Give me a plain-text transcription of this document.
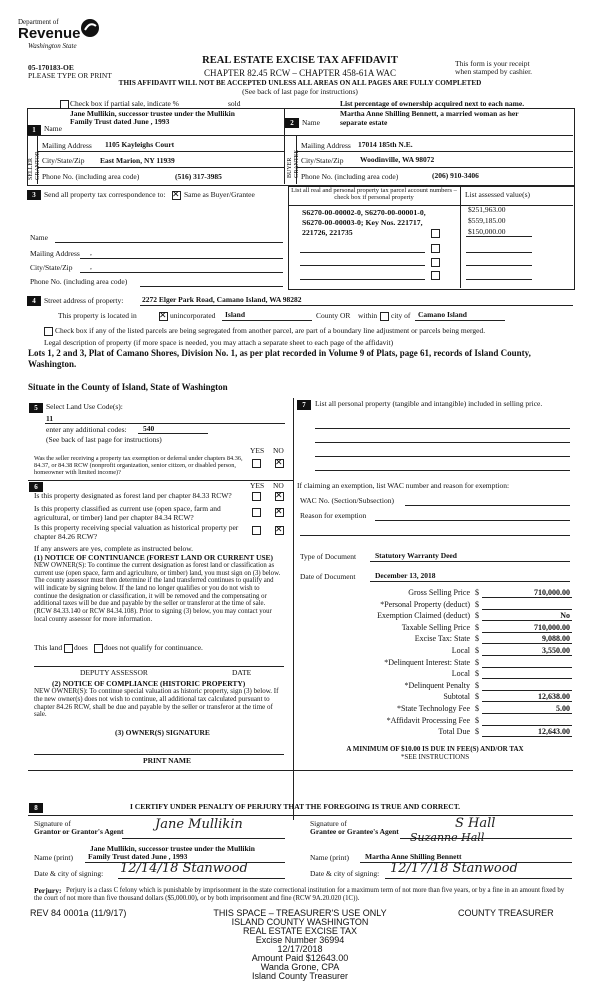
Department of
Revenue
Washington State
05-170183-OE
PLEASE TYPE OR PRINT
REAL ESTATE EXCISE TAX AFFIDAVIT
CHAPTER 82.45 RCW – CHAPTER 458-61A WAC
THIS AFFIDAVIT WILL NOT BE ACCEPTED UNLESS ALL AREAS ON ALL PAGES ARE FULLY COMPLETED
(See back of last page for instructions)
This form is your receipt
when stamped by cashier.
Check box if partial sale, indicate %	sold	List percentage of ownership acquired next to each name.
1	Name
Jane Mullikin, successor trustee under the Mullikin
Family Trust dated June , 1993
SELLER GRANTOR
Mailing Address 1105 Kayleighs Court
City/State/Zip East Marion, NY 11939
Phone No. (including area code)	(516) 317-3985
2	Name
Martha Anne Shilling Bennett, a married woman as her
separate estate
BUYER GRANTEE
Mailing Address 17014 185th N.E.
City/State/Zip Woodinville, WA 98072
Phone No. (including area code)	(206) 910-3406
3	Send all property tax correspondence to: ✕ Same as Buyer/Grantee
Name
Mailing Address ,
City/State/Zip ,
Phone No. (including area code)
List all real and personal property tax parcel account numbers – check box if personal property	List assessed value(s)
S6270-00-00002-0, S6270-00-00001-0, S6270-00-00003-0; Key Nos. 221717, 221726, 221735
$251,963.00
$559,185.00
$150,000.00
4	Street address of property: 2272 Elger Park Road, Camano Island, WA 98282
This property is located in ✕	unincorporated Island	County OR within city of Camano Island
Check box if any of the listed parcels are being segregated from another parcel, are part of a boundary line adjustment or parcels being merged.
Legal description of property (if more space is needed, you may attach a separate sheet to each page of the affidavit)
Lots 1, 2 and 3, Plat of Camano Shores, Division No. 1, as per plat recorded in Volume 9 of Plats, page 61, records of Island County, Washington.
Situate in the County of Island, State of Washington
5	Select Land Use Code(s):
11
enter any additional codes: 540
(See back of last page for instructions)
YES NO
Was the seller receiving a property tax exemption or deferral under chapters 84.36, 84.37, or 84.38 RCW (nonprofit organization, senior citizen, or disabled person, homeowner with limited income)?
✕
6	YES NO
Is this property designated as forest land per chapter 84.33 RCW?
✕
Is this property classified as current use (open space, farm and agricultural, or timber) land per chapter 84.34 RCW?
✕
Is this property receiving special valuation as historical property per chapter 84.26 RCW?
✕
If any answers are yes, complete as instructed below.
(1) NOTICE OF CONTINUANCE (FOREST LAND OR CURRENT USE)
NEW OWNER(S): To continue the current designation as forest land or classification as current use (open space, farm and agriculture, or timber) land, you must sign on (3) below. The county assessor must then determine if the land transferred continues to qualify and will indicate by signing below. If the land no longer qualifies or you do not wish to continue the designation or classification, it will be removed and the compensating or additional taxes will be due and payable by the seller or transferor at the time of sale. (RCW 84.33.140 or RCW 84.34.108). Prior to signing (3) below, you may contact your local county assessor for more information.
This land does does not qualify for continuance.
DEPUTY ASSESSOR	DATE
(2) NOTICE OF COMPLIANCE (HISTORIC PROPERTY)
NEW OWNER(S): To continue special valuation as historic property, sign (3) below. If the new owner(s) does not wish to continue, all additional tax calculated pursuant to chapter 84.26 RCW, shall be due and payable by the seller or transferor at the time of sale.
(3) OWNER(S) SIGNATURE
PRINT NAME
7	List all personal property (tangible and intangible) included in selling price.
If claiming an exemption, list WAC number and reason for exemption:
WAC No. (Section/Subsection)
Reason for exemption
Type of Document	Statutory Warranty Deed
Date of Document	December 13, 2018
Gross Selling Price $	710,000.00
*Personal Property (deduct) $
Exemption Claimed (deduct) $	No
Taxable Selling Price $	710,000.00
Excise Tax: State $	9,088.00
Local $	3,550.00
*Delinquent Interest: State $
Local $
*Delinquent Penalty $
Subtotal $	12,638.00
*State Technology Fee $	5.00
*Affidavit Processing Fee $
Total Due $	12,643.00
A MINIMUM OF $10.00 IS DUE IN FEE(S) AND/OR TAX
*SEE INSTRUCTIONS
8	I CERTIFY UNDER PENALTY OF PERJURY THAT THE FOREGOING IS TRUE AND CORRECT.
Signature of
Grantor or Grantor's Agent Jane Mullikin
Jane Mullikin, successor trustee under the Mullikin
Name (print) Family Trust dated June , 1993
Date & city of signing: 12/14/18 Stanwood
Signature of
Grantee or Grantee's Agent
S Hall
Suzanne Hall
Name (print) Martha Anne Shilling Bennett
Date & city of signing: 12/17/18 Stanwood
Perjury: Perjury is a class C felony which is punishable by imprisonment in the state correctional institution for a maximum term of not more than five years, or by a fine in an amount fixed by the court of not more than five thousand dollars ($5,000.00), or by both imprisonment and fine (RCW 9A.20.020 (1C)).
REV 84 0001a (11/9/17)	THIS SPACE – TREASURER'S USE ONLY	COUNTY TREASURER
ISLAND COUNTY WASHINGTON
REAL ESTATE EXCISE TAX
Excise Number 36994
12/17/2018
Amount Paid $12643.00
Wanda Grone, CPA
Island County Treasurer
